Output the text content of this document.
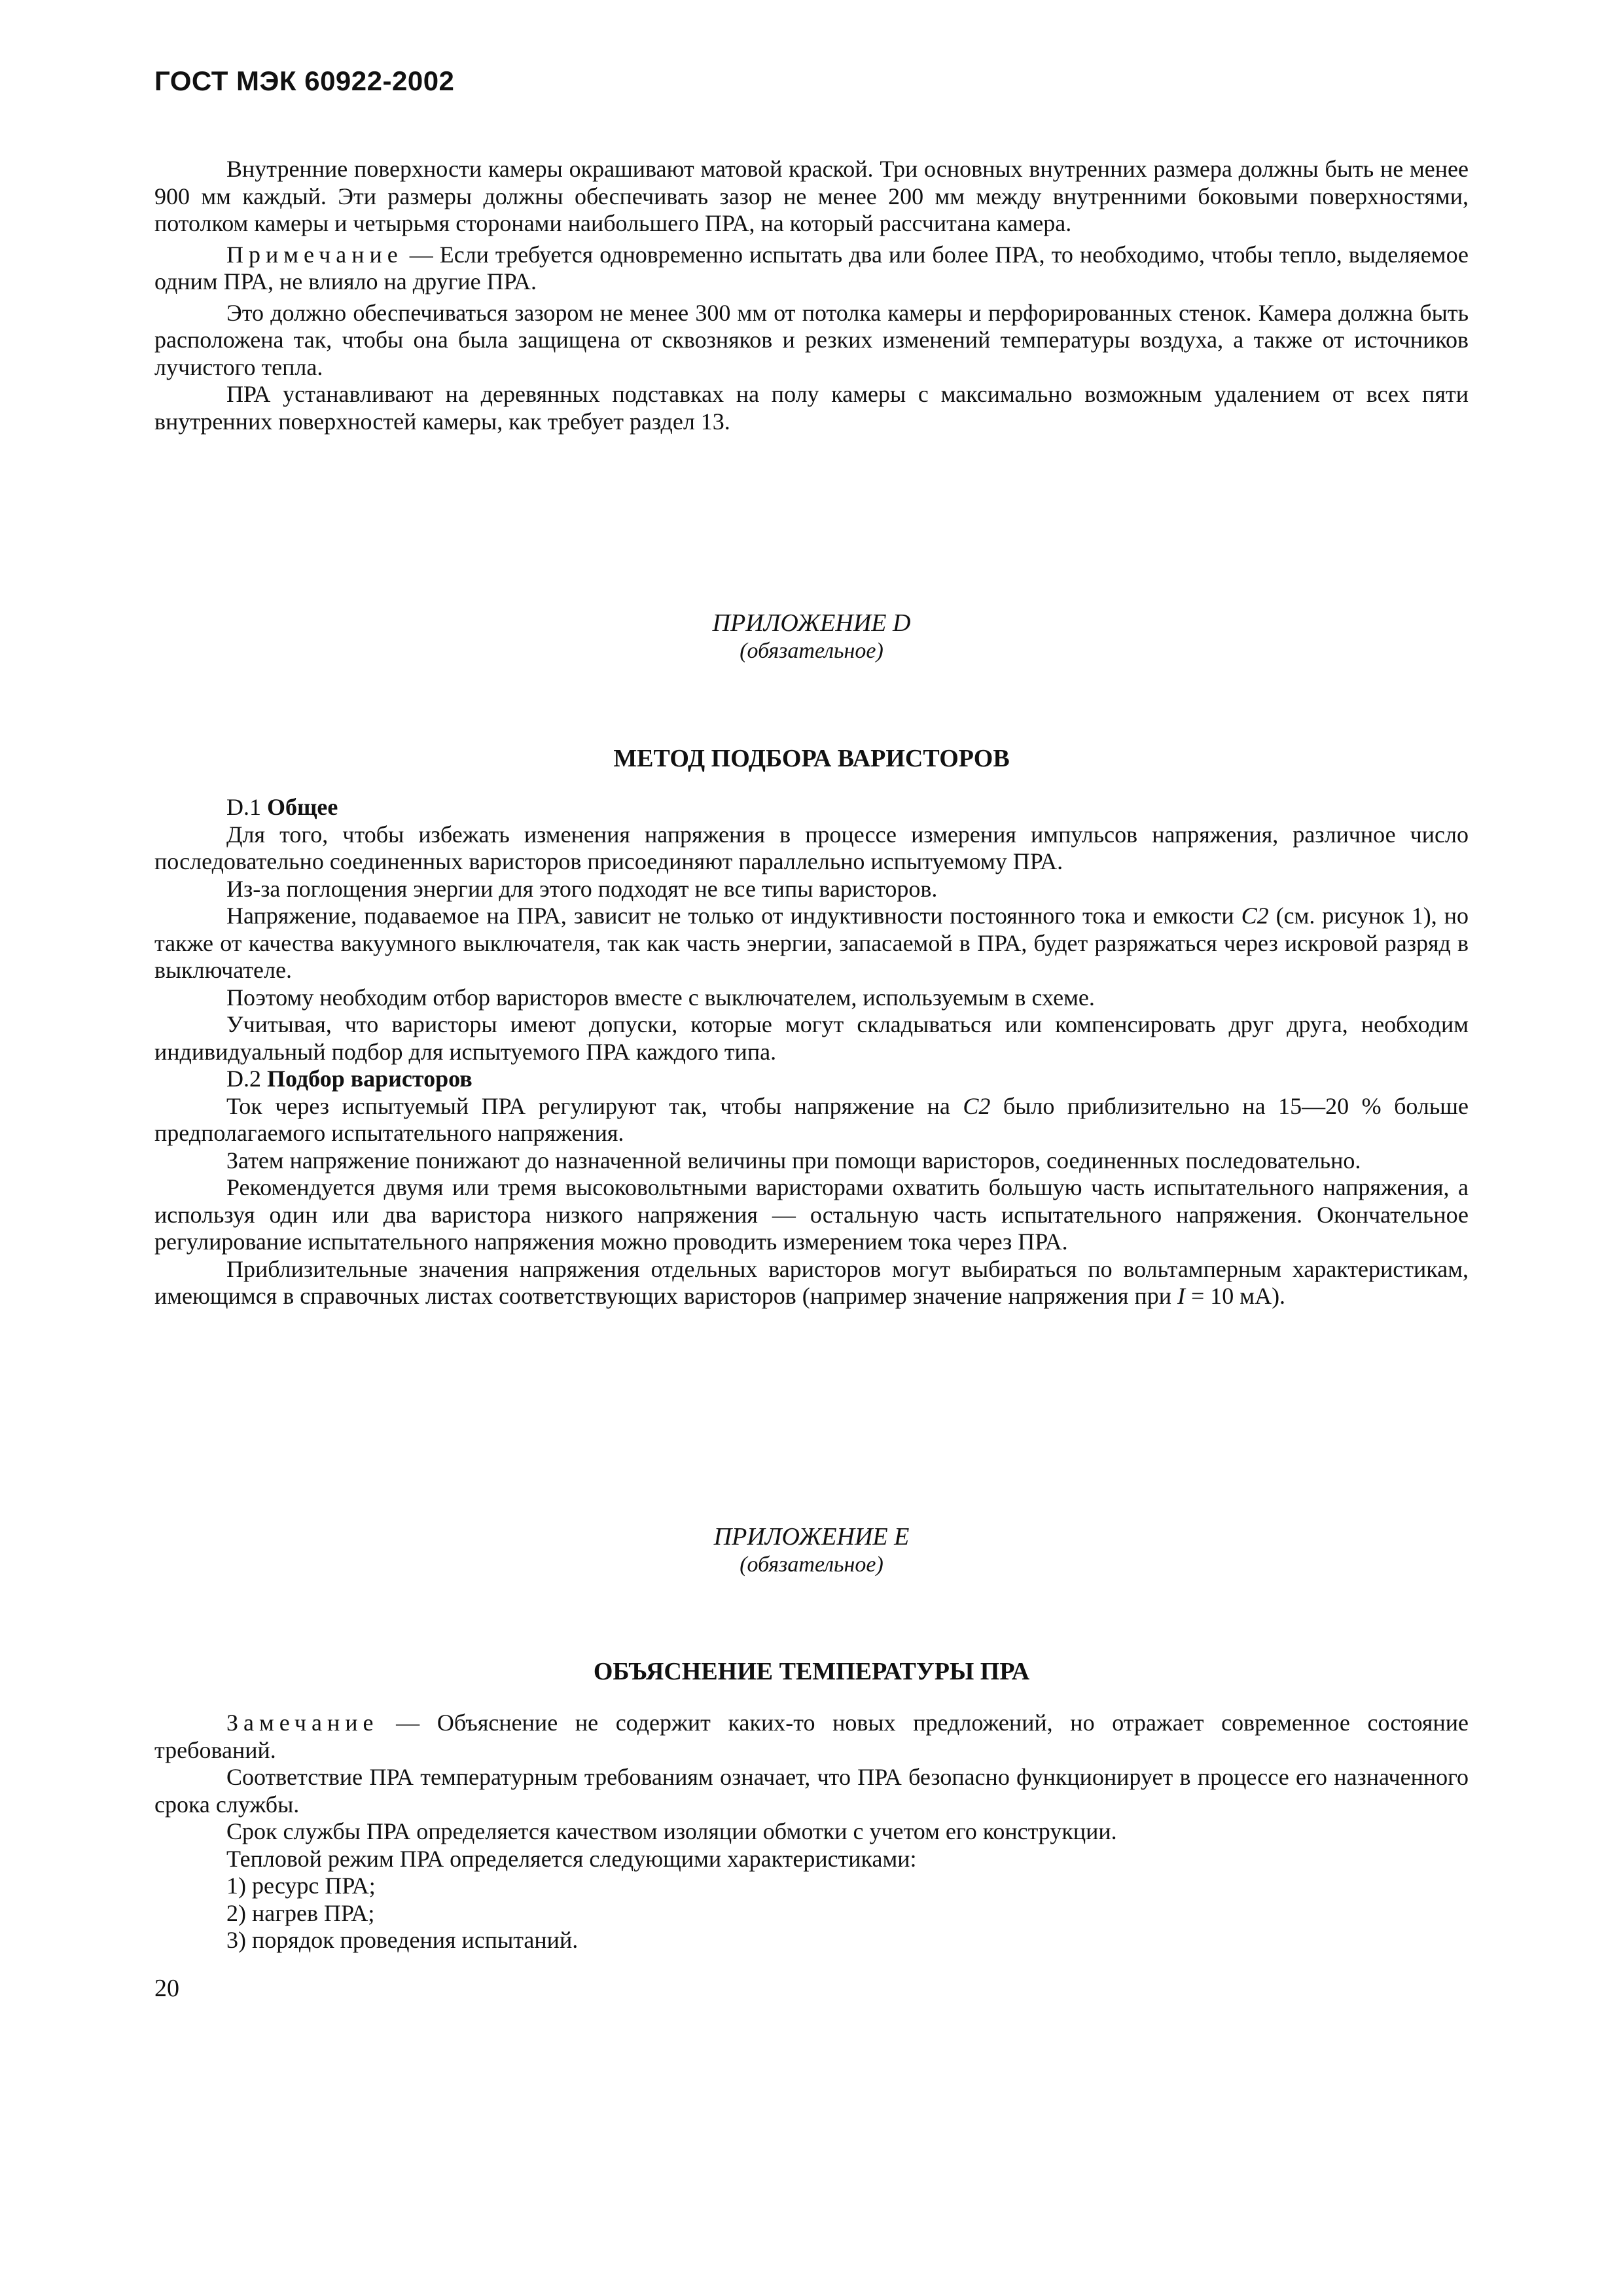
ГОСТ МЭК 60922-2002

Внутренние поверхности камеры окрашивают матовой краской. Три основных внутренних размера должны быть не менее 900 мм каждый. Эти размеры должны обеспечивать зазор не менее 200 мм между внутренними боковыми поверхностями, потолком камеры и четырьмя сторонами наибольшего ПРА, на который рассчитана камера.

Примечание — Если требуется одновременно испытать два или более ПРА, то необходимо, чтобы тепло, выделяемое одним ПРА, не влияло на другие ПРА.

Это должно обеспечиваться зазором не менее 300 мм от потолка камеры и перфорированных стенок. Камера должна быть расположена так, чтобы она была защищена от сквозняков и резких изменений температуры воздуха, а также от источников лучистого тепла.

ПРА устанавливают на деревянных подставках на полу камеры с максимально возможным удалением от всех пяти внутренних поверхностей камеры, как требует раздел 13.

ПРИЛОЖЕНИЕ D
(обязательное)
МЕТОД ПОДБОРА ВАРИСТОРОВ

D.1 Общее

Для того, чтобы избежать изменения напряжения в процессе измерения импульсов напряжения, различное число последовательно соединенных варисторов присоединяют параллельно испытуемому ПРА.

Из-за поглощения энергии для этого подходят не все типы варисторов.

Напряжение, подаваемое на ПРА, зависит не только от индуктивности постоянного тока и емкости C2 (см. рисунок 1), но также от качества вакуумного выключателя, так как часть энергии, запасаемой в ПРА, будет разряжаться через искровой разряд в выключателе.

Поэтому необходим отбор варисторов вместе с выключателем, используемым в схеме.

Учитывая, что варисторы имеют допуски, которые могут складываться или компенсировать друг друга, необходим индивидуальный подбор для испытуемого ПРА каждого типа.

D.2 Подбор варисторов

Ток через испытуемый ПРА регулируют так, чтобы напряжение на C2 было приблизительно на 15—20 % больше предполагаемого испытательного напряжения.

Затем напряжение понижают до назначенной величины при помощи варисторов, соединенных последовательно.

Рекомендуется двумя или тремя высоковольтными варисторами охватить большую часть испытательного напряжения, а используя один или два варистора низкого напряжения — остальную часть испытательного напряжения. Окончательное регулирование испытательного напряжения можно проводить измерением тока через ПРА.

Приблизительные значения напряжения отдельных варисторов могут выбираться по вольтамперным характеристикам, имеющимся в справочных листах соответствующих варисторов (например значение напряжения при I = 10 мА).

ПРИЛОЖЕНИЕ E
(обязательное)
ОБЪЯСНЕНИЕ ТЕМПЕРАТУРЫ ПРА

Замечание — Объяснение не содержит каких-то новых предложений, но отражает современное состояние требований.

Соответствие ПРА температурным требованиям означает, что ПРА безопасно функционирует в процессе его назначенного срока службы.

Срок службы ПРА определяется качеством изоляции обмотки с учетом его конструкции.

Тепловой режим ПРА определяется следующими характеристиками:

1) ресурс ПРА;

2) нагрев ПРА;

3) порядок проведения испытаний.

20
